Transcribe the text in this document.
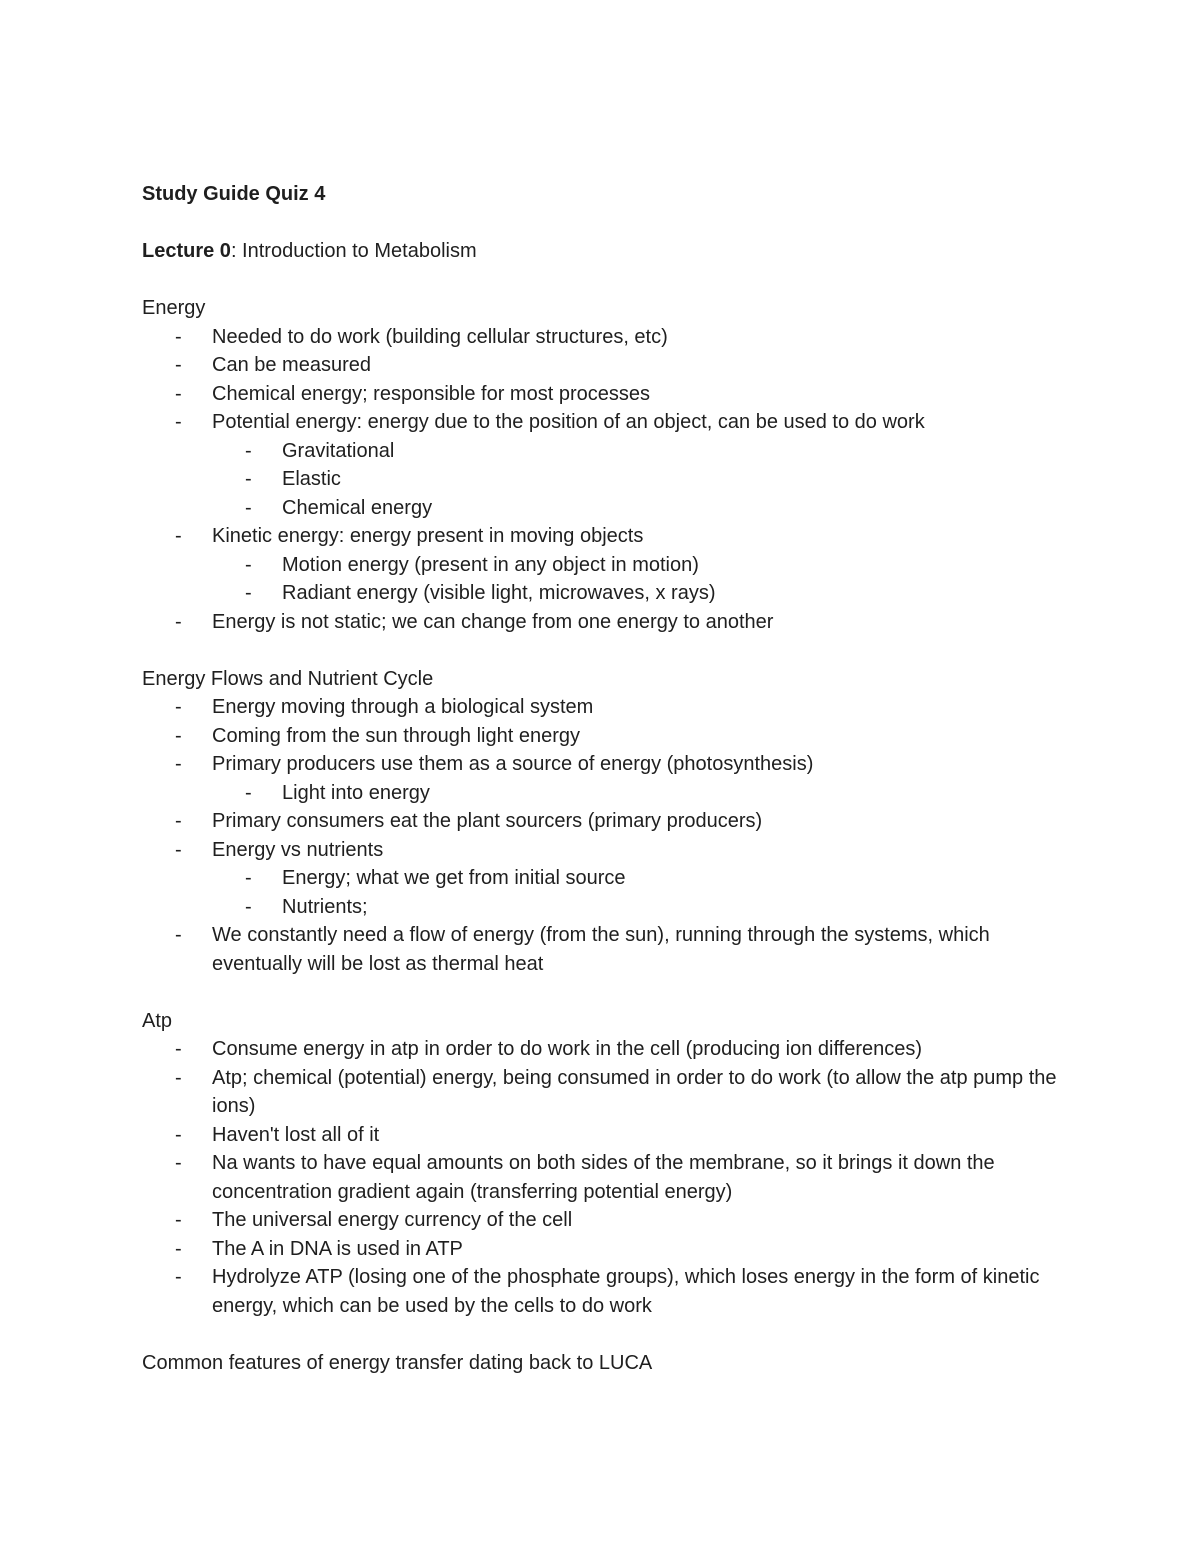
Study Guide Quiz 4
Lecture 0: Introduction to Metabolism
Energy
- Needed to do work (building cellular structures, etc)
- Can be measured
- Chemical energy; responsible for most processes
- Potential energy: energy due to the position of an object, can be used to do work
- Gravitational
- Elastic
- Chemical energy
- Kinetic energy: energy present in moving objects
- Motion energy (present in any object in motion)
- Radiant energy (visible light, microwaves, x rays)
- Energy is not static; we can change from one energy to another
Energy Flows and Nutrient Cycle
- Energy moving through a biological system
- Coming from the sun through light energy
- Primary producers use them as a source of energy (photosynthesis)
- Light into energy
- Primary consumers eat the plant sourcers (primary producers)
- Energy vs nutrients
- Energy; what we get from initial source
- Nutrients;
- We constantly need a flow of energy (from the sun), running through the systems, which eventually will be lost as thermal heat
Atp
- Consume energy in atp in order to do work in the cell (producing ion differences)
- Atp; chemical (potential) energy, being consumed in order to do work (to allow the atp pump the ions)
- Haven't lost all of it
- Na wants to have equal amounts on both sides of the membrane, so it brings it down the concentration gradient again (transferring potential energy)
- The universal energy currency of the cell
- The A in DNA is used in ATP
- Hydrolyze ATP (losing one of the phosphate groups), which loses energy in the form of kinetic energy, which can be used by the cells to do work
Common features of energy transfer dating back to LUCA
